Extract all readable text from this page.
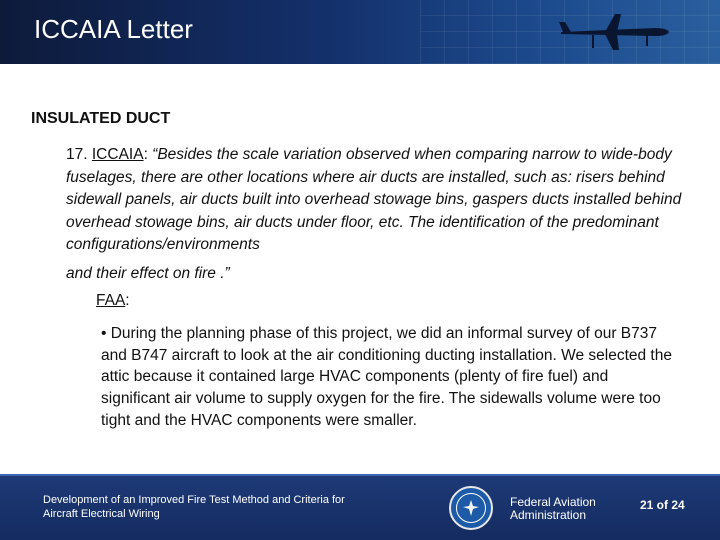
ICCAIA Letter
INSULATED DUCT
17. ICCAIA: “Besides the scale variation observed when comparing narrow to wide-body fuselages, there are other locations where air ducts are installed, such as: risers behind sidewall panels, air ducts built into overhead stowage bins, gaspers ducts installed behind overhead stowage bins, air ducts under floor, etc. The identification of the predominant configurations/environments
and their effect on fire .”
FAA:
• During the planning phase of this project, we did an informal survey of our B737 and B747 aircraft to look at the air conditioning ducting installation. We selected the attic because it contained large HVAC components (plenty of fire fuel) and significant air volume to supply oxygen for the fire. The sidewalls volume were too tight and the HVAC components were smaller.
Development of an Improved Fire Test Method and Criteria for
Aircraft Electrical Wiring
Federal Aviation
Administration
21 of 24
